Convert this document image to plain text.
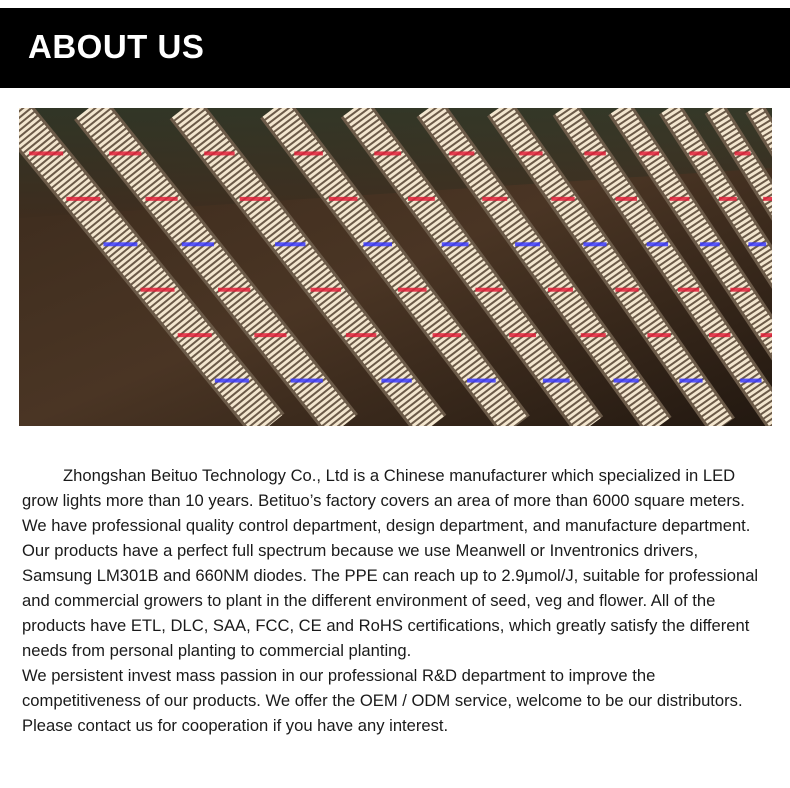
ABOUT US

Zhongshan Beituo Technology Co., Ltd is a Chinese manufacturer which specialized in LED grow lights more than 10 years. Betituo’s factory covers an area of more than 6000 square meters. We have professional quality control department, design department, and manufacture department. Our products have a perfect full spectrum because we use Meanwell or Inventronics drivers, Samsung LM301B and 660NM diodes. The PPE can reach up to 2.9μmol/J, suitable for professional and commercial growers to plant in the different environment of seed, veg and flower. All of the products have ETL, DLC, SAA, FCC, CE and RoHS certifications, which greatly satisfy the different needs from personal planting to commercial planting.

We persistent invest mass passion in our professional R&D department to improve the competitiveness of our products. We offer the OEM / ODM service, welcome to be our distributors. Please contact us for cooperation if you have any interest.
